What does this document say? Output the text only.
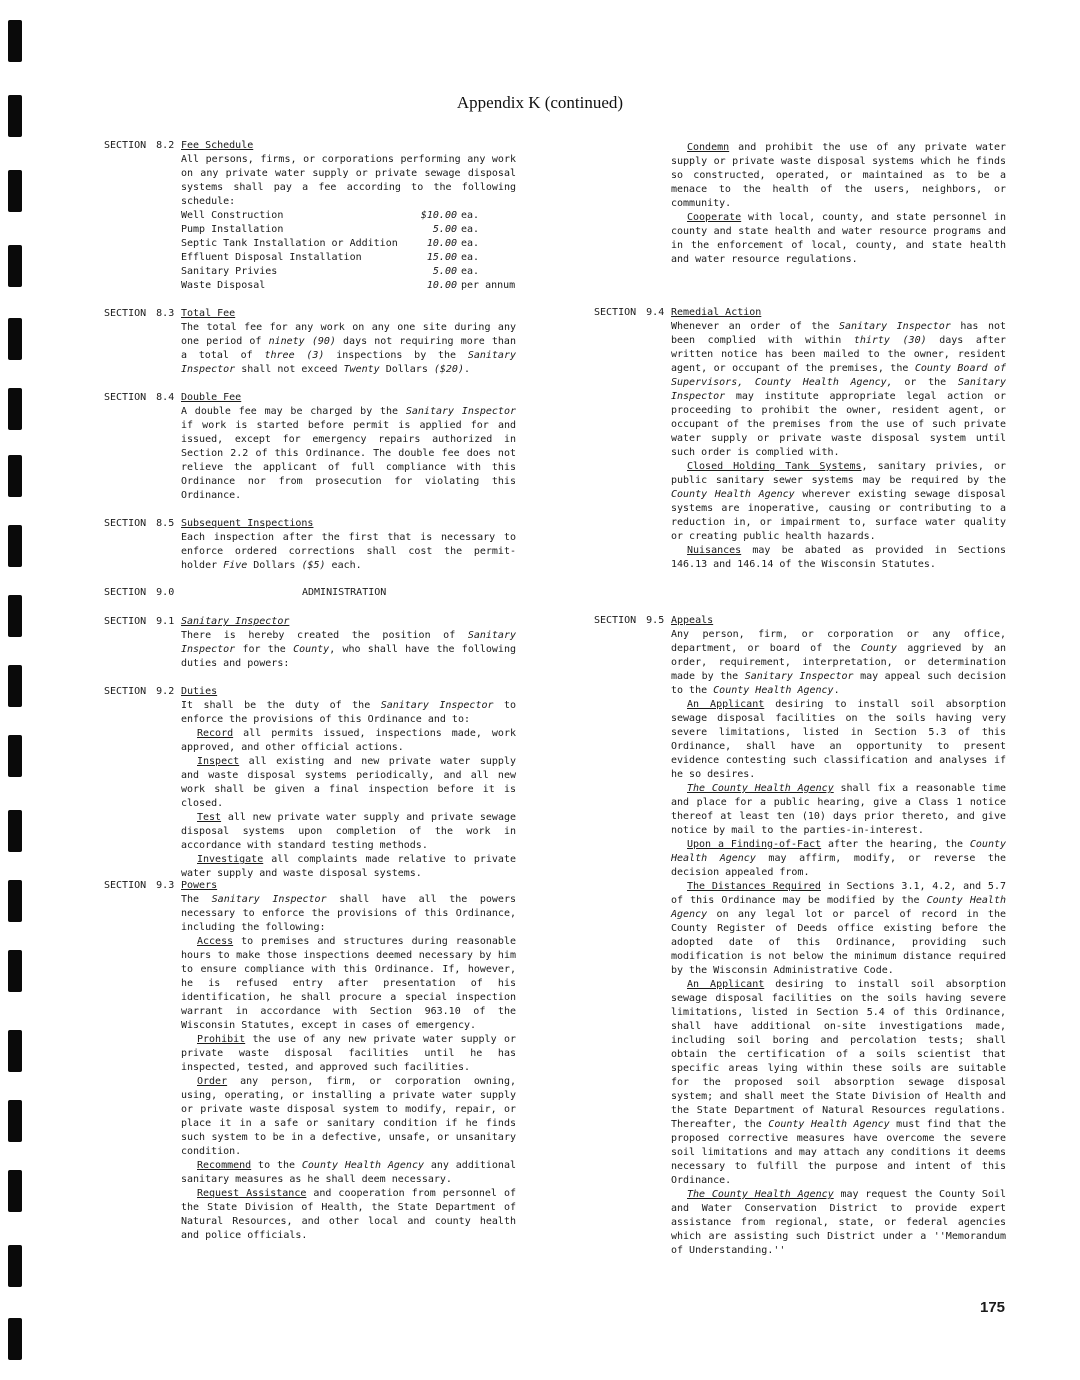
Appendix K (continued)
SECTION 8.2 Fee Schedule

All persons, firms, or corporations performing any work on any private water supply or private sewage disposal systems shall pay a fee according to the following schedule:

Well Construction	$10.00 ea.
Pump Installation	5.00 ea.
Septic Tank Installation or Addition	10.00 ea.
Effluent Disposal Installation	15.00 ea.
Sanitary Privies	5.00 ea.
Waste Disposal	10.00 per annum
SECTION 8.3 Total Fee

The total fee for any work on any one site during any one period of ninety (90) days not requiring more than a total of three (3) inspections by the Sanitary Inspector shall not exceed Twenty Dollars ($20).

SECTION 8.4 Double Fee

A double fee may be charged by the Sanitary Inspector if work is started before permit is applied for and issued, except for emergency repairs authorized in Section 2.2 of this Ordinance. The double fee does not relieve the applicant of full compliance with this Ordinance nor from prosecution for violating this Ordinance.

SECTION 8.5 Subsequent Inspections

Each inspection after the first that is necessary to enforce ordered corrections shall cost the permit-holder Five Dollars ($5) each.

SECTION 9.0	ADMINISTRATION
SECTION 9.1 Sanitary Inspector

There is hereby created the position of Sanitary Inspector for the County, who shall have the following duties and powers:

SECTION 9.2 Duties

It shall be the duty of the Sanitary Inspector to enforce the provisions of this Ordinance and to:

Record all permits issued, inspections made, work approved, and other official actions.

Inspect all existing and new private water supply and waste disposal systems periodically, and all new work shall be given a final inspection before it is closed.

Test all new private water supply and private sewage disposal systems upon completion of the work in accordance with standard testing methods.

Investigate all complaints made relative to private water supply and waste disposal systems.

SECTION 9.3 Powers

The Sanitary Inspector shall have all the powers necessary to enforce the provisions of this Ordinance, including the following:

Access to premises and structures during reasonable hours to make those inspections deemed necessary by him to ensure compliance with this Ordinance. If, however, he is refused entry after presentation of his identification, he shall procure a special inspection warrant in accordance with Section 963.10 of the Wisconsin Statutes, except in cases of emergency.

Prohibit the use of any new private water supply or private waste disposal facilities until he has inspected, tested, and approved such facilities.

Order any person, firm, or corporation owning, using, operating, or installing a private water supply or private waste disposal system to modify, repair, or place it in a safe or sanitary condition if he finds such system to be in a defective, unsafe, or unsanitary condition.

Recommend to the County Health Agency any additional sanitary measures as he shall deem necessary.

Request Assistance and cooperation from personnel of the State Division of Health, the State Department of Natural Resources, and other local and county health and police officials.

Condemn and prohibit the use of any private water supply or private waste disposal systems which he finds so constructed, operated, or maintained as to be a menace to the health of the users, neighbors, or community.

Cooperate with local, county, and state personnel in county and state health and water resource programs and in the enforcement of local, county, and state health and water resource regulations.

SECTION 9.4 Remedial Action

Whenever an order of the Sanitary Inspector has not been complied with within thirty (30) days after written notice has been mailed to the owner, resident agent, or occupant of the premises, the County Board of Supervisors, County Health Agency, or the Sanitary Inspector may institute appropriate legal action or proceeding to prohibit the owner, resident agent, or occupant of the premises from the use of such private water supply or private waste disposal system until such order is complied with.

Closed Holding Tank Systems, sanitary privies, or public sanitary sewer systems may be required by the County Health Agency wherever existing sewage disposal systems are inoperative, causing or contributing to a reduction in, or impairment to, surface water quality or creating public health hazards.

Nuisances may be abated as provided in Sections 146.13 and 146.14 of the Wisconsin Statutes.

SECTION 9.5 Appeals

Any person, firm, or corporation or any office, department, or board of the County aggrieved by an order, requirement, interpretation, or determination made by the Sanitary Inspector may appeal such decision to the County Health Agency.

An Applicant desiring to install soil absorption sewage disposal facilities on the soils having very severe limitations, listed in Section 5.3 of this Ordinance, shall have an opportunity to present evidence contesting such classification and analyses if he so desires.

The County Health Agency shall fix a reasonable time and place for a public hearing, give a Class 1 notice thereof at least ten (10) days prior thereto, and give notice by mail to the parties-in-interest.

Upon a Finding-of-Fact after the hearing, the County Health Agency may affirm, modify, or reverse the decision appealed from.

The Distances Required in Sections 3.1, 4.2, and 5.7 of this Ordinance may be modified by the County Health Agency on any legal lot or parcel of record in the County Register of Deeds office existing before the adopted date of this Ordinance, providing such modification is not below the minimum distance required by the Wisconsin Administrative Code.

An Applicant desiring to install soil absorption sewage disposal facilities on the soils having severe limitations, listed in Section 5.4 of this Ordinance, shall have additional on-site investigations made, including soil boring and percolation tests; shall obtain the certification of a soils scientist that specific areas lying within these soils are suitable for the proposed soil absorption sewage disposal system; and shall meet the State Division of Health and the State Department of Natural Resources regulations. Thereafter, the County Health Agency must find that the proposed corrective measures have overcome the severe soil limitations and may attach any conditions it deems necessary to fulfill the purpose and intent of this Ordinance.

The County Health Agency may request the County Soil and Water Conservation District to provide expert assistance from regional, state, or federal agencies which are assisting such District under a ''Memorandum of Understanding.''

175
